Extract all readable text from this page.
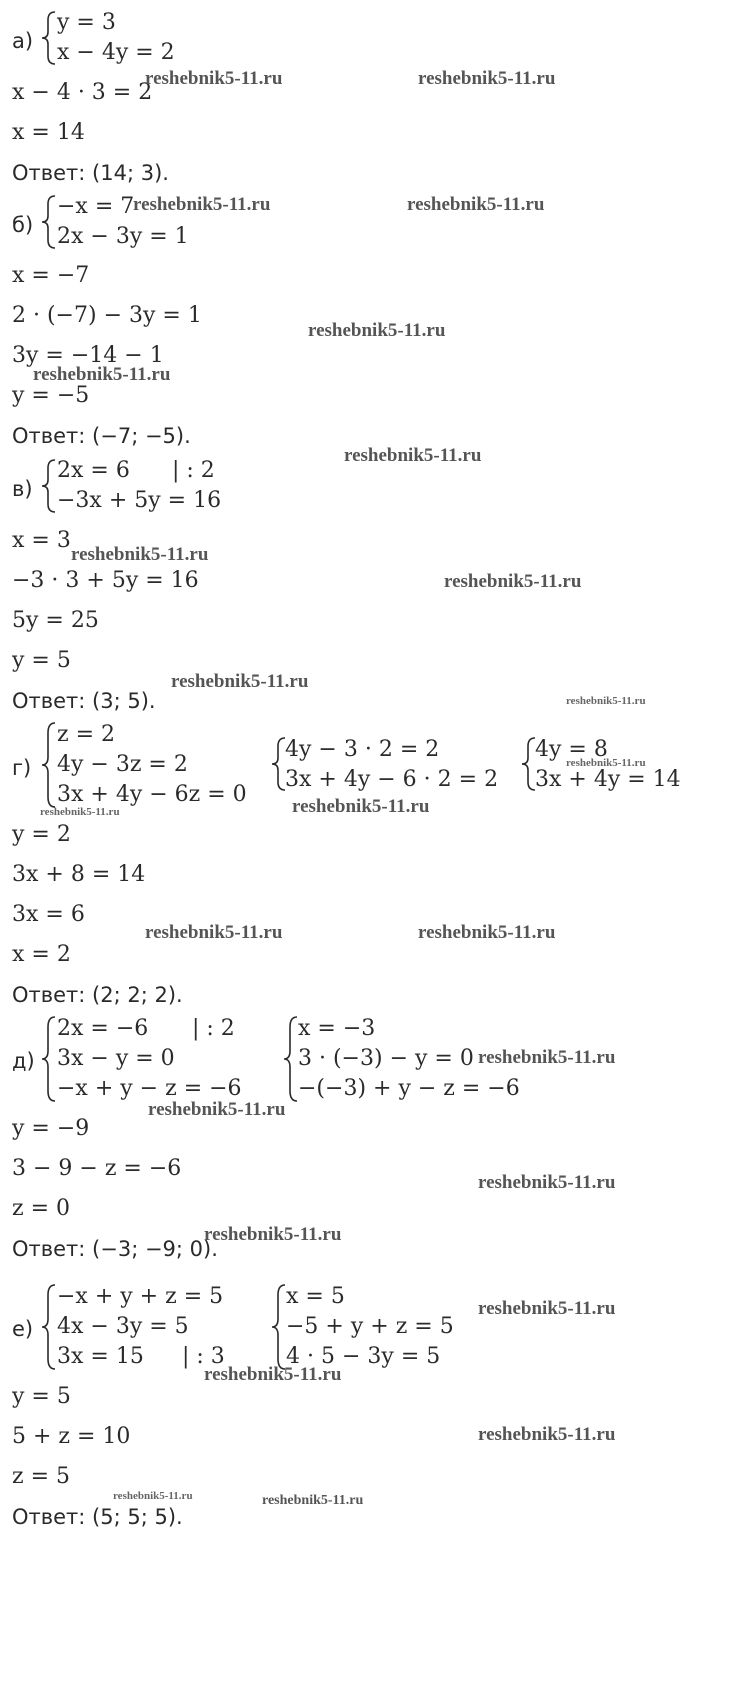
а)
y = 3
x − 4y = 2
x − 4 · 3 = 2
x = 14
Ответ: (14; 3).
б)
−x = 7
2x − 3y = 1
x = −7
2 · (−7) − 3y = 1
3y = −14 − 1
y = −5
Ответ: (−7; −5).
в)
2x = 6 | : 2
−3x + 5y = 16
x = 3
−3 · 3 + 5y = 16
5y = 25
y = 5
Ответ: (3; 5).
г)
z = 2
4y − 3z = 2
3x + 4y − 6z = 0
4y − 3 · 2 = 2
3x + 4y − 6 · 2 = 2
4y = 8
3x + 4y = 14
y = 2
3x + 8 = 14
3x = 6
x = 2
Ответ: (2; 2; 2).
д)
2x = −6 | : 2
3x − y = 0
−x + y − z = −6
x = −3
3 · (−3) − y = 0
−(−3) + y − z = −6
y = −9
3 − 9 − z = −6
z = 0
Ответ: (−3; −9; 0).
е)
−x + y + z = 5
4x − 3y = 5
3x = 15 | : 3
x = 5
−5 + y + z = 5
4 · 5 − 3y = 5
y = 5
5 + z = 10
z = 5
Ответ: (5; 5; 5).
reshebnik5-11.ru	reshebnik5-11.ru
reshebnik5-11.ru	reshebnik5-11.ru
reshebnik5-11.ru
reshebnik5-11.ru
reshebnik5-11.ru
reshebnik5-11.ru
reshebnik5-11.ru
reshebnik5-11.ru
reshebnik5-11.ru
reshebnik5-11.ru
reshebnik5-11.ru
reshebnik5-11.ru
reshebnik5-11.ru	reshebnik5-11.ru
reshebnik5-11.ru
reshebnik5-11.ru
reshebnik5-11.ru
reshebnik5-11.ru
reshebnik5-11.ru
reshebnik5-11.ru
reshebnik5-11.ru
reshebnik5-11.ru	reshebnik5-11.ru
